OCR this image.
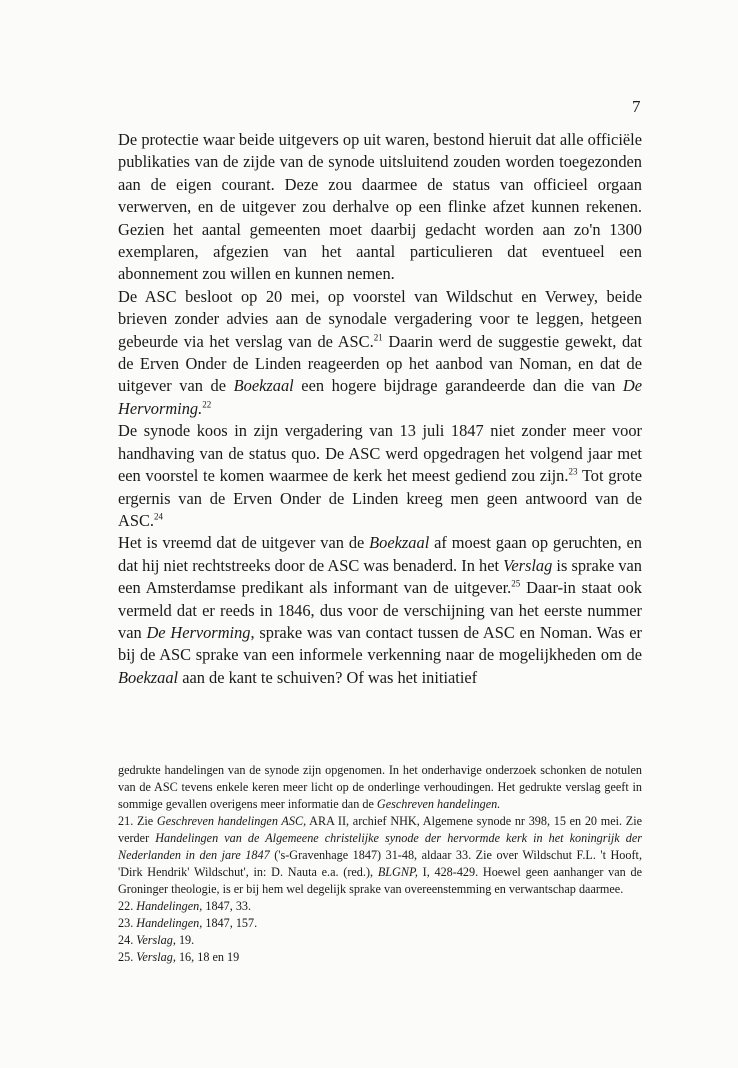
7

De protectie waar beide uitgevers op uit waren, bestond hieruit dat alle officiële publikaties van de zijde van de synode uitsluitend zouden worden toegezonden aan de eigen courant. Deze zou daarmee de status van officieel orgaan verwerven, en de uitgever zou derhalve op een flinke afzet kunnen rekenen. Gezien het aantal gemeenten moet daarbij gedacht worden aan zo'n 1300 exemplaren, afgezien van het aantal particulieren dat eventueel een abonnement zou willen en kunnen nemen.

De ASC besloot op 20 mei, op voorstel van Wildschut en Verwey, beide brieven zonder advies aan de synodale vergadering voor te leggen, hetgeen gebeurde via het verslag van de ASC.$^{21}$ Daarin werd de suggestie gewekt, dat de Erven Onder de Linden reageerden op het aanbod van Noman, en dat de uitgever van de Boekzaal een hogere bijdrage garandeerde dan die van De Hervorming.$^{22}$

De synode koos in zijn vergadering van 13 juli 1847 niet zonder meer voor handhaving van de status quo. De ASC werd opgedragen het volgend jaar met een voorstel te komen waarmee de kerk het meest gediend zou zijn.$^{23}$ Tot grote ergernis van de Erven Onder de Linden kreeg men geen antwoord van de ASC.$^{24}$

Het is vreemd dat de uitgever van de Boekzaal af moest gaan op geruchten, en dat hij niet rechtstreeks door de ASC was benaderd. In het Verslag is sprake van een Amsterdamse predikant als informant van de uitgever.$^{25}$ Daar-in staat ook vermeld dat er reeds in 1846, dus voor de verschijning van het eerste nummer van De Hervorming, sprake was van contact tussen de ASC en Noman. Was er bij de ASC sprake van een informele verkenning naar de mogelijkheden om de Boekzaal aan de kant te schuiven? Of was het initiatief

gedrukte handelingen van de synode zijn opgenomen. In het onderhavige onderzoek schonken de notulen van de ASC tevens enkele keren meer licht op de onderlinge verhoudingen. Het gedrukte verslag geeft in sommige gevallen overigens meer informatie dan de Geschreven handelingen.

21. Zie Geschreven handelingen ASC, ARA II, archief NHK, Algemene synode nr 398, 15 en 20 mei. Zie verder Handelingen van de Algemeene christelijke synode der hervormde kerk in het koningrijk der Nederlanden in den jare 1847 ('s-Gravenhage 1847) 31-48, aldaar 33. Zie over Wildschut F.L. 't Hooft, 'Dirk Hendrik' Wildschut', in: D. Nauta e.a. (red.), BLGNP, I, 428-429. Hoewel geen aanhanger van de Groninger theologie, is er bij hem wel degelijk sprake van overeenstemming en verwantschap daarmee.

22. Handelingen, 1847, 33.

23. Handelingen, 1847, 157.

24. Verslag, 19.

25. Verslag, 16, 18 en 19
